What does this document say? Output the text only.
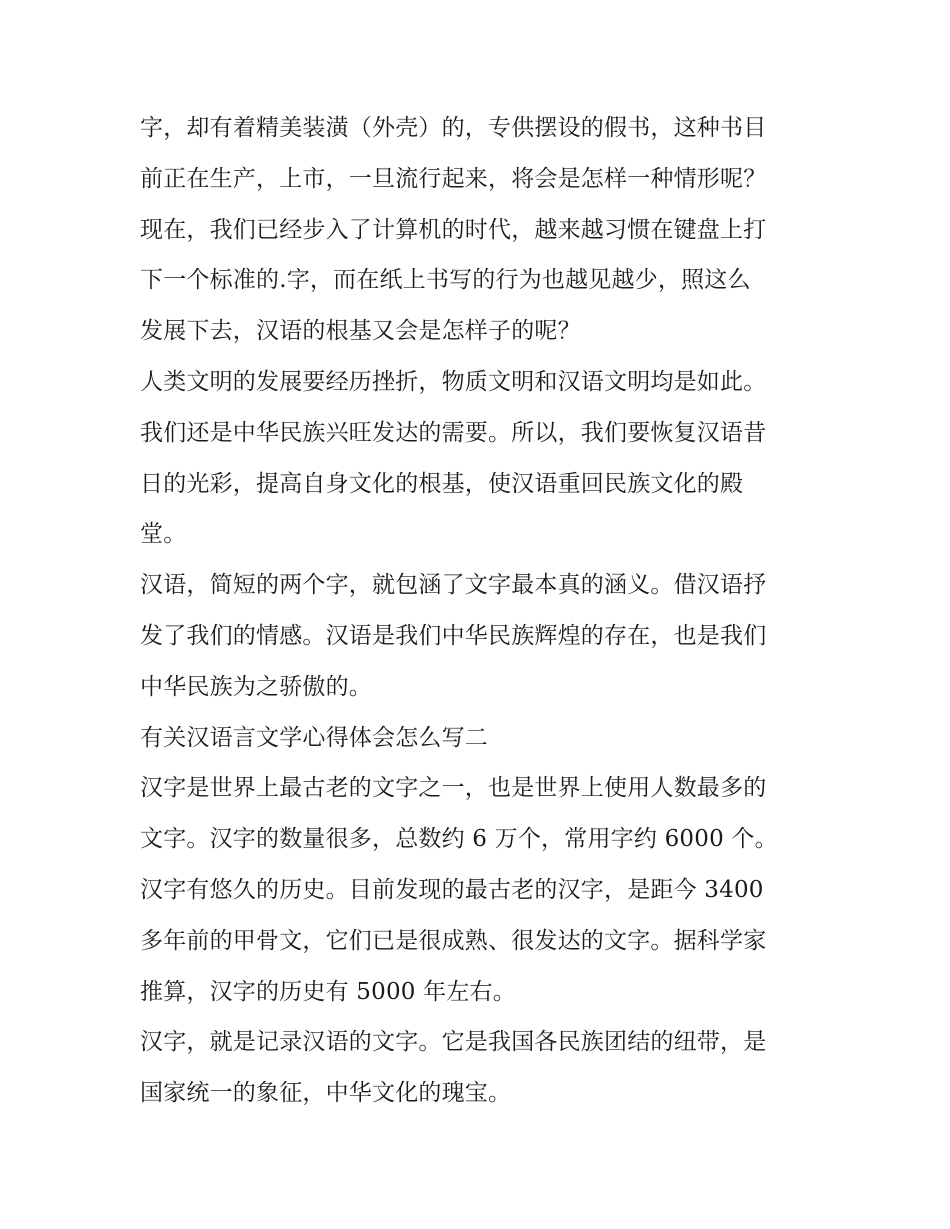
字，却有着精美装潢（外壳）的，专供摆设的假书，这种书目
前正在生产，上市，一旦流行起来，将会是怎样一种情形呢？
现在，我们已经步入了计算机的时代，越来越习惯在键盘上打
下一个标准的.字，而在纸上书写的行为也越见越少，照这么
发展下去，汉语的根基又会是怎样子的呢？
人类文明的发展要经历挫折，物质文明和汉语文明均是如此。
我们还是中华民族兴旺发达的需要。所以，我们要恢复汉语昔
日的光彩，提高自身文化的根基，使汉语重回民族文化的殿
堂。
汉语，简短的两个字，就包涵了文字最本真的涵义。借汉语抒
发了我们的情感。汉语是我们中华民族辉煌的存在，也是我们
中华民族为之骄傲的。
有关汉语言文学心得体会怎么写二
汉字是世界上最古老的文字之一，也是世界上使用人数最多的
文字。汉字的数量很多，总数约 6 万个，常用字约 6000 个。
汉字有悠久的历史。目前发现的最古老的汉字，是距今 3400
多年前的甲骨文，它们已是很成熟、很发达的文字。据科学家
推算，汉字的历史有 5000 年左右。
汉字，就是记录汉语的文字。它是我国各民族团结的纽带，是
国家统一的象征，中华文化的瑰宝。
